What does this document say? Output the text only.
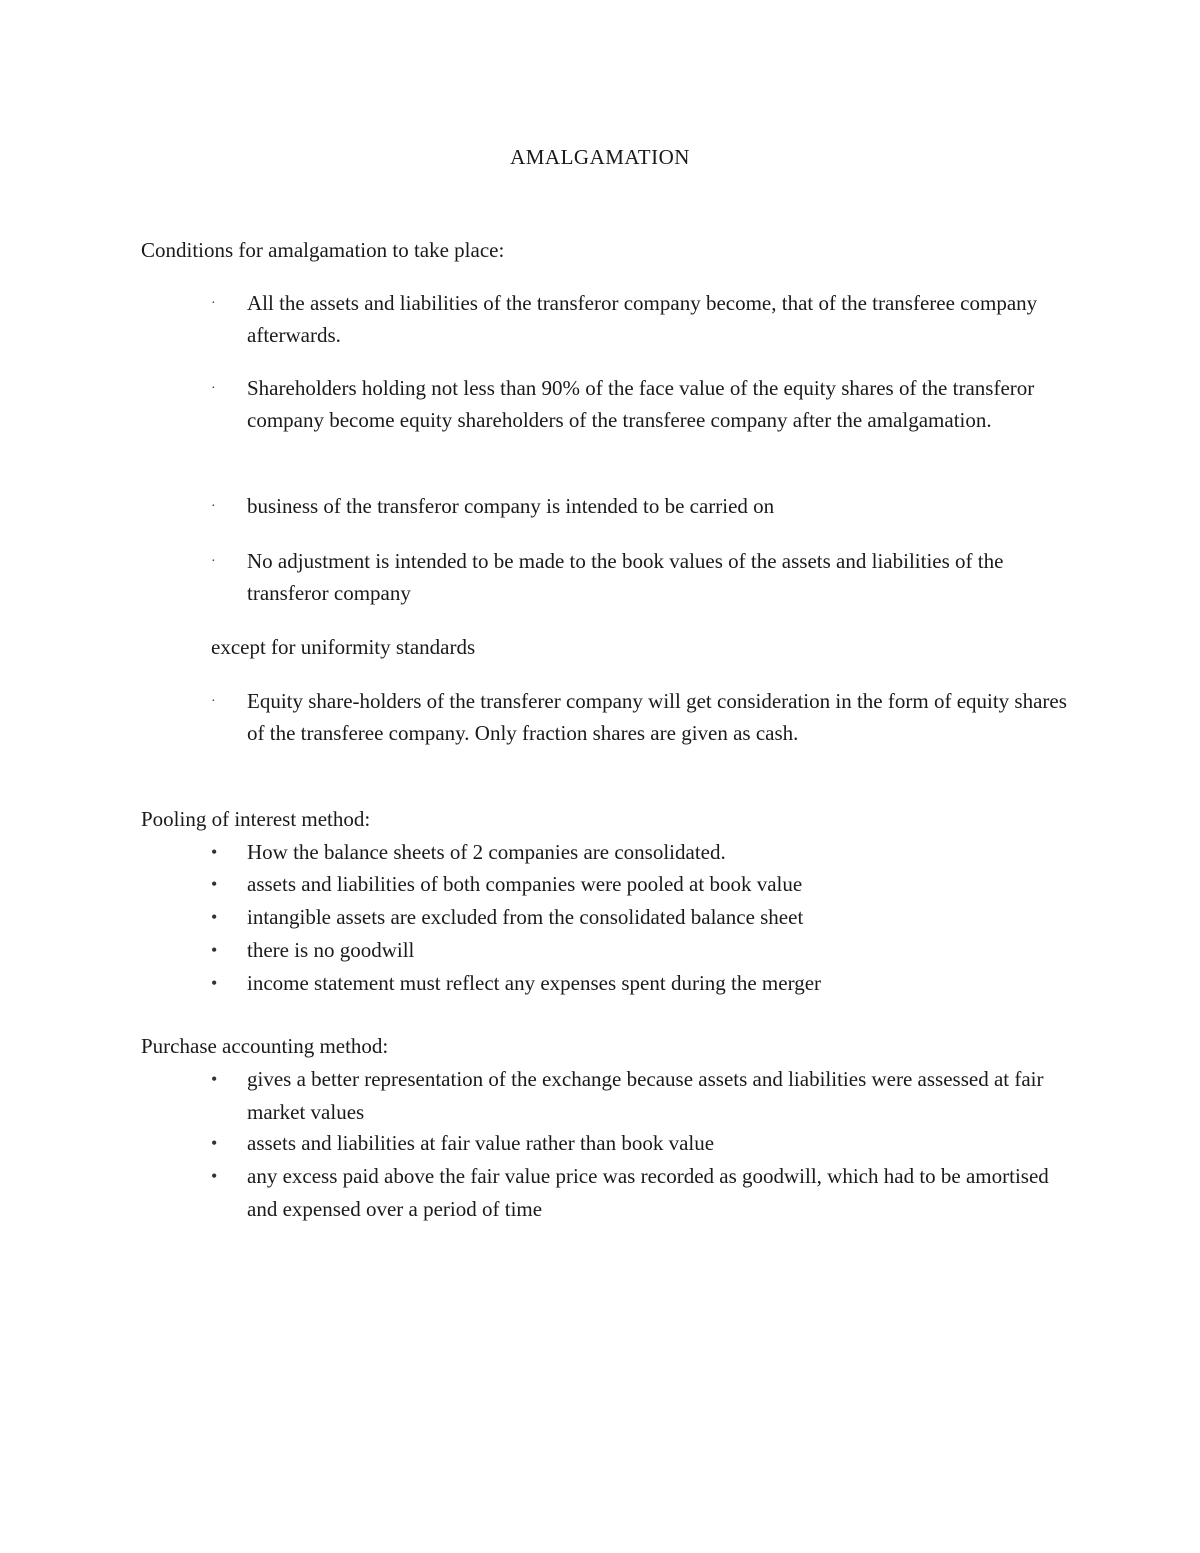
AMALGAMATION
Conditions for amalgamation to take place:
·	All the assets and liabilities of the transferor company become, that of the transferee company afterwards.
·	Shareholders holding not less than 90% of the face value of the equity shares of the transferor company become equity shareholders of the transferee company after the amalgamation.
·	business of the transferor company is intended to be carried on
·	No adjustment is intended to be made to the book values of the assets and liabilities of the transferor company
except for uniformity standards
·	Equity share-holders of the transferer company will get consideration in the form of equity shares of the transferee company. Only fraction shares are given as cash.
Pooling of interest method:
•	How the balance sheets of 2 companies are consolidated.
•	assets and liabilities of both companies were pooled at book value
•	intangible assets are excluded from the consolidated balance sheet
•	there is no goodwill
•	income statement must reflect any expenses spent during the merger
Purchase accounting method:
•	gives a better representation of the exchange because assets and liabilities were assessed at fair market values
•	assets and liabilities at fair value rather than book value
•	any excess paid above the fair value price was recorded as goodwill, which had to be amortised and expensed over a period of time
